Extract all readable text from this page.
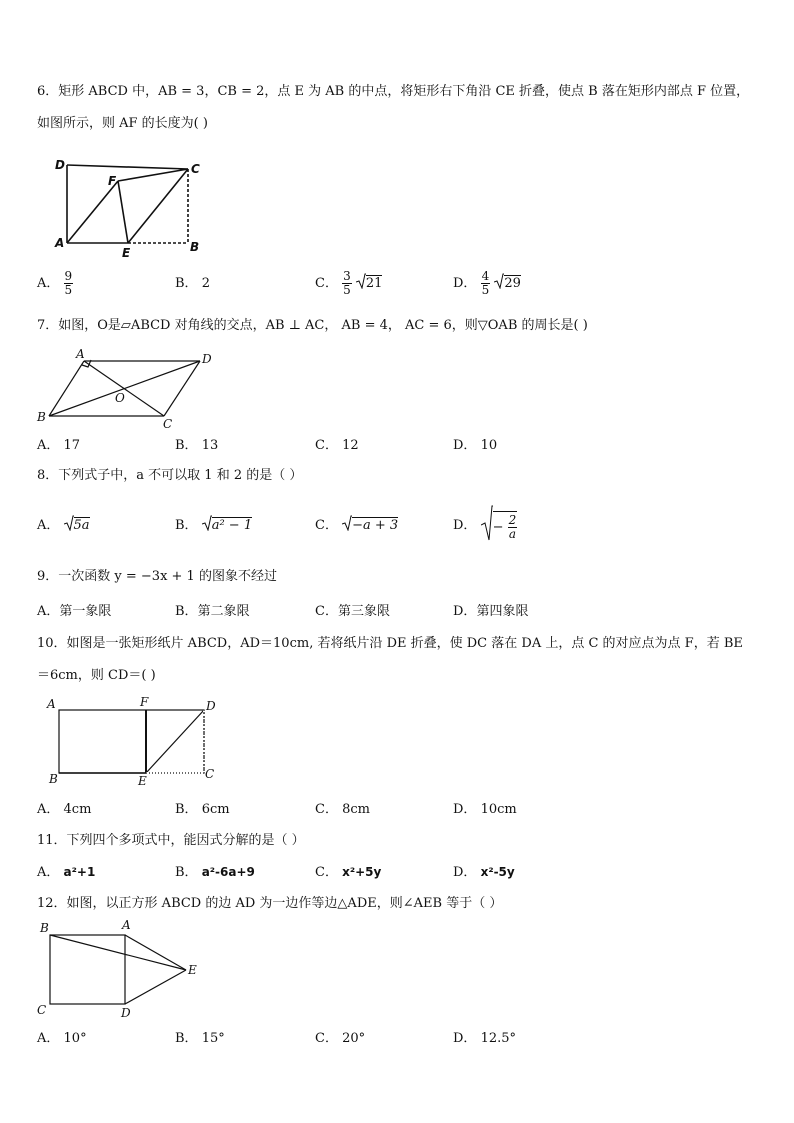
6．矩形 ABCD 中，AB = 3，CB = 2，点 E 为 AB 的中点，将矩形右下角沿 CE 折叠，使点 B 落在矩形内部点 F 位置，
如图所示，则 AF 的长度为( )
D	C
F
A
E	B
A． $\frac{9}{5}$	B． 2	C． $\frac{3}{5} 21$	D． $\frac{4}{5} 29$
7．如图，O是▱ABCD 对角线的交点，AB ⊥ AC， AB = 4， AC = 6，则▽OAB 的周长是( )
A	D
O
B	C
A． 17	B． 13	C． 12	D． 10
8．下列式子中，a 不可以取 1 和 2 的是（ ）
A． 5a	B． a² − 1	C． −a + 3	D． − $\frac{2}{a}$
9．一次函数 y = −3x + 1 的图象不经过
A．第一象限	B．第二象限	C．第三象限	D．第四象限
10．如图是一张矩形纸片 ABCD，AD＝10cm, 若将纸片沿 DE 折叠，使 DC 落在 DA 上，点 C 的对应点为点 F，若 BE
＝6cm，则 CD＝( )
A	F	D
B	E	C
A． 4cm	B． 6cm	C． 8cm	D． 10cm
11．下列四个多项式中，能因式分解的是（ ）
A． a²+1	B． a²-6a+9	C． x²+5y	D． x²-5y
12．如图，以正方形 ABCD 的边 AD 为一边作等边△ADE，则∠AEB 等于（ ）
B	A
E
C	D
A． 10°	B． 15°	C． 20°	D． 12.5°
